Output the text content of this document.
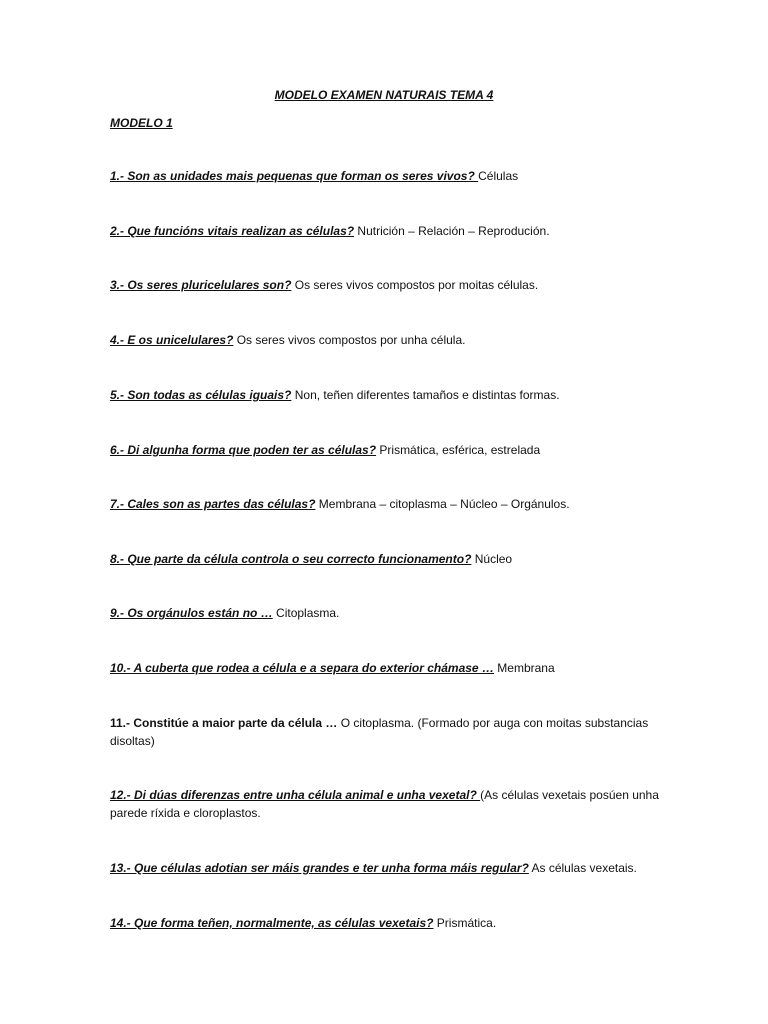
MODELO EXAMEN NATURAIS TEMA 4
MODELO 1

1.- Son as unidades mais pequenas que forman os seres vivos? Células

2.- Que funcións vitais realizan as células? Nutrición – Relación – Reprodución.

3.- Os seres pluricelulares son? Os seres vivos compostos por moitas células.

4.- E os unicelulares? Os seres vivos compostos por unha célula.

5.- Son todas as células iguais? Non, teñen diferentes tamaños e distintas formas.

6.- Di algunha forma que poden ter as células? Prismática, esférica, estrelada

7.- Cales son as partes das células? Membrana – citoplasma – Núcleo – Orgánulos.

8.- Que parte da célula controla o seu correcto funcionamento? Núcleo

9.- Os orgánulos están no … Citoplasma.

10.- A cuberta que rodea a célula e a separa do exterior chámase … Membrana

11.- Constitúe a maior parte da célula … O citoplasma. (Formado por auga con moitas substancias disoltas)

12.- Di dúas diferenzas entre unha célula animal e unha vexetal? (As células vexetais posúen unha parede ríxida e cloroplastos.

13.- Que células adotian ser máis grandes e ter unha forma máis regular? As células vexetais.

14.- Que forma teñen, normalmente, as células vexetais? Prismática.
